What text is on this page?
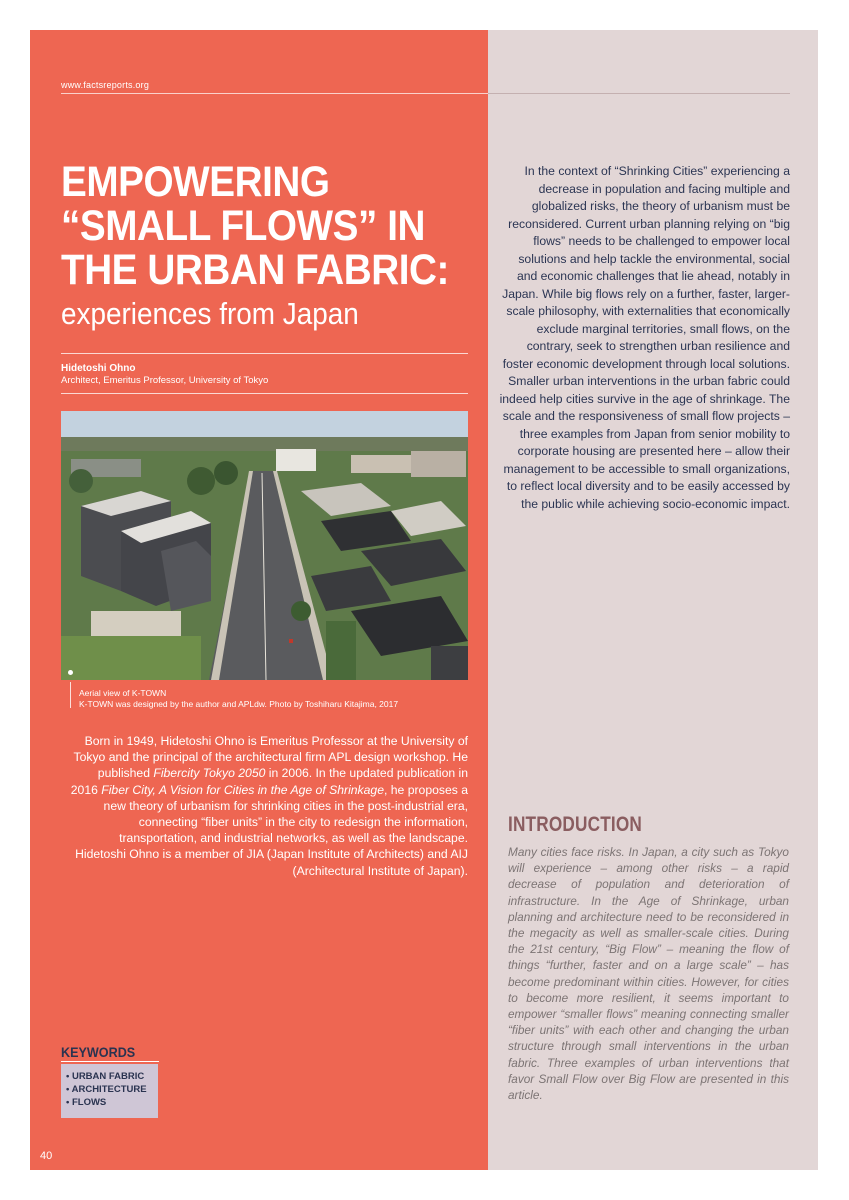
www.factsreports.org
EMPOWERING
“SMALL FLOWS” IN
THE URBAN FABRIC:
experiences from Japan
Hidetoshi Ohno
Architect, Emeritus Professor, University of Tokyo
Aerial view of K-TOWN
K-TOWN was designed by the author and APLdw. Photo by Toshiharu Kitajima, 2017

Born in 1949, Hidetoshi Ohno is Emeritus Professor at the University of Tokyo and the principal of the architectural firm APL design workshop. He published Fibercity Tokyo 2050 in 2006. In the updated publication in 2016 Fiber City, A Vision for Cities in the Age of Shrinkage, he proposes a new theory of urbanism for shrinking cities in the post-industrial era, connecting “fiber units” in the city to redesign the information, transportation, and industrial networks, as well as the landscape. Hidetoshi Ohno is a member of JIA (Japan Institute of Architects) and AIJ (Architectural Institute of Japan).

KEYWORDS
• URBAN FABRIC
• ARCHITECTURE
• FLOWS
40

In the context of “Shrinking Cities” experiencing a decrease in population and facing multiple and globalized risks, the theory of urbanism must be reconsidered. Current urban planning relying on “big flows” needs to be challenged to empower local solutions and help tackle the environmental, social and economic challenges that lie ahead, notably in Japan. While big flows rely on a further, faster, larger-scale philosophy, with externalities that economically exclude marginal territories, small flows, on the contrary, seek to strengthen urban resilience and foster economic development through local solutions. Smaller urban interventions in the urban fabric could indeed help cities survive in the age of shrinkage. The scale and the responsiveness of small flow projects – three examples from Japan from senior mobility to corporate housing are presented here – allow their management to be accessible to small organizations, to reflect local diversity and to be easily accessed by the public while achieving socio-economic impact.

INTRODUCTION

Many cities face risks. In Japan, a city such as Tokyo will experience – among other risks – a rapid decrease of population and deterioration of infrastructure. In the Age of Shrinkage, urban planning and architecture need to be reconsidered in the megacity as well as smaller-scale cities. During the 21st century, “Big Flow” – meaning the flow of things “further, faster and on a large scale” – has become predominant within cities. However, for cities to become more resilient, it seems important to empower “smaller flows” meaning connecting smaller “fiber units” with each other and changing the urban structure through small interventions in the urban fabric. Three examples of urban interventions that favor Small Flow over Big Flow are presented in this article.
